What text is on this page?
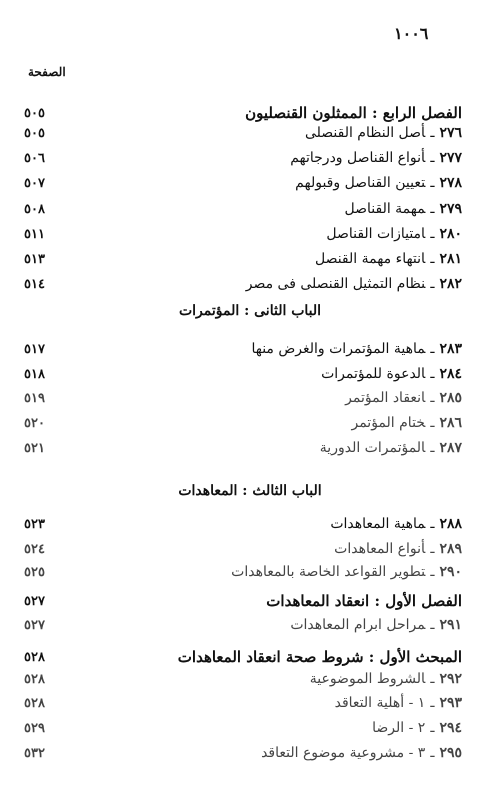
١٠٠٦
الصفحة
الفصل الرابع : الممثلون القنصليون
٥٠٥
٢٧٦ـأصل النظام القنصلى
٥٠٥
٢٧٧ـأنواع القناصل ودرجاتهم
٥٠٦
٢٧٨ـتعيين القناصل وقبولهم
٥٠٧
٢٧٩ـمهمة القناصل
٥٠٨
٢٨٠ـامتيازات القناصل
٥١١
٢٨١ـانتهاء مهمة القنصل
٥١٣
٢٨٢ـنظام التمثيل القنصلى فى مصر
٥١٤
الباب الثانى : المؤتمرات
٢٨٣ـماهية المؤتمرات والغرض منها
٥١٧
٢٨٤ـالدعوة للمؤتمرات
٥١٨
٢٨٥ـانعقاد المؤتمر
٥١٩
٢٨٦ـختام المؤتمر
٥٢٠
٢٨٧ـالمؤتمرات الدورية
٥٢١
الباب الثالث : المعاهدات
٢٨٨ـماهية المعاهدات
٥٢٣
٢٨٩ـأنواع المعاهدات
٥٢٤
٢٩٠ـتطوير القواعد الخاصة بالمعاهدات
٥٢٥
الفصل الأول : انعقاد المعاهدات
٥٢٧
٢٩١ـمراحل ابرام المعاهدات
٥٢٧
المبحث الأول : شروط صحة انعقاد المعاهدات
٥٢٨
٢٩٢ـالشروط الموضوعية
٥٢٨
٢٩٣ـ١ - أهلية التعاقد
٥٢٨
٢٩٤ـ٢ - الرضا
٥٢٩
٢٩٥ـ٣ - مشروعية موضوع التعاقد
٥٣٢
